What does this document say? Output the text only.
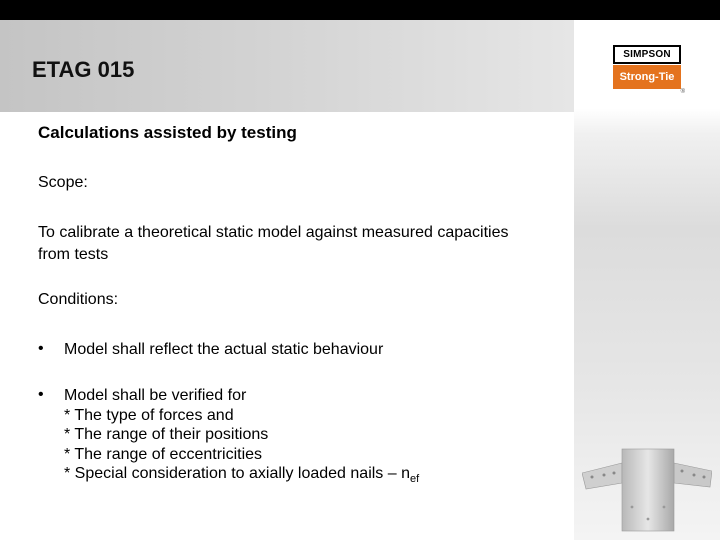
ETAG 015
SIMPSON
Strong-Tie
®
Calculations assisted by testing
Scope:
To calibrate a theoretical static model against measured capacities
from tests
Conditions:
• Model shall reflect the actual static behaviour
• Model shall be verified for
* The type of forces and
* The range of their positions
* The range of eccentricities
* Special consideration to axially loaded nails – $n_{ef}$
